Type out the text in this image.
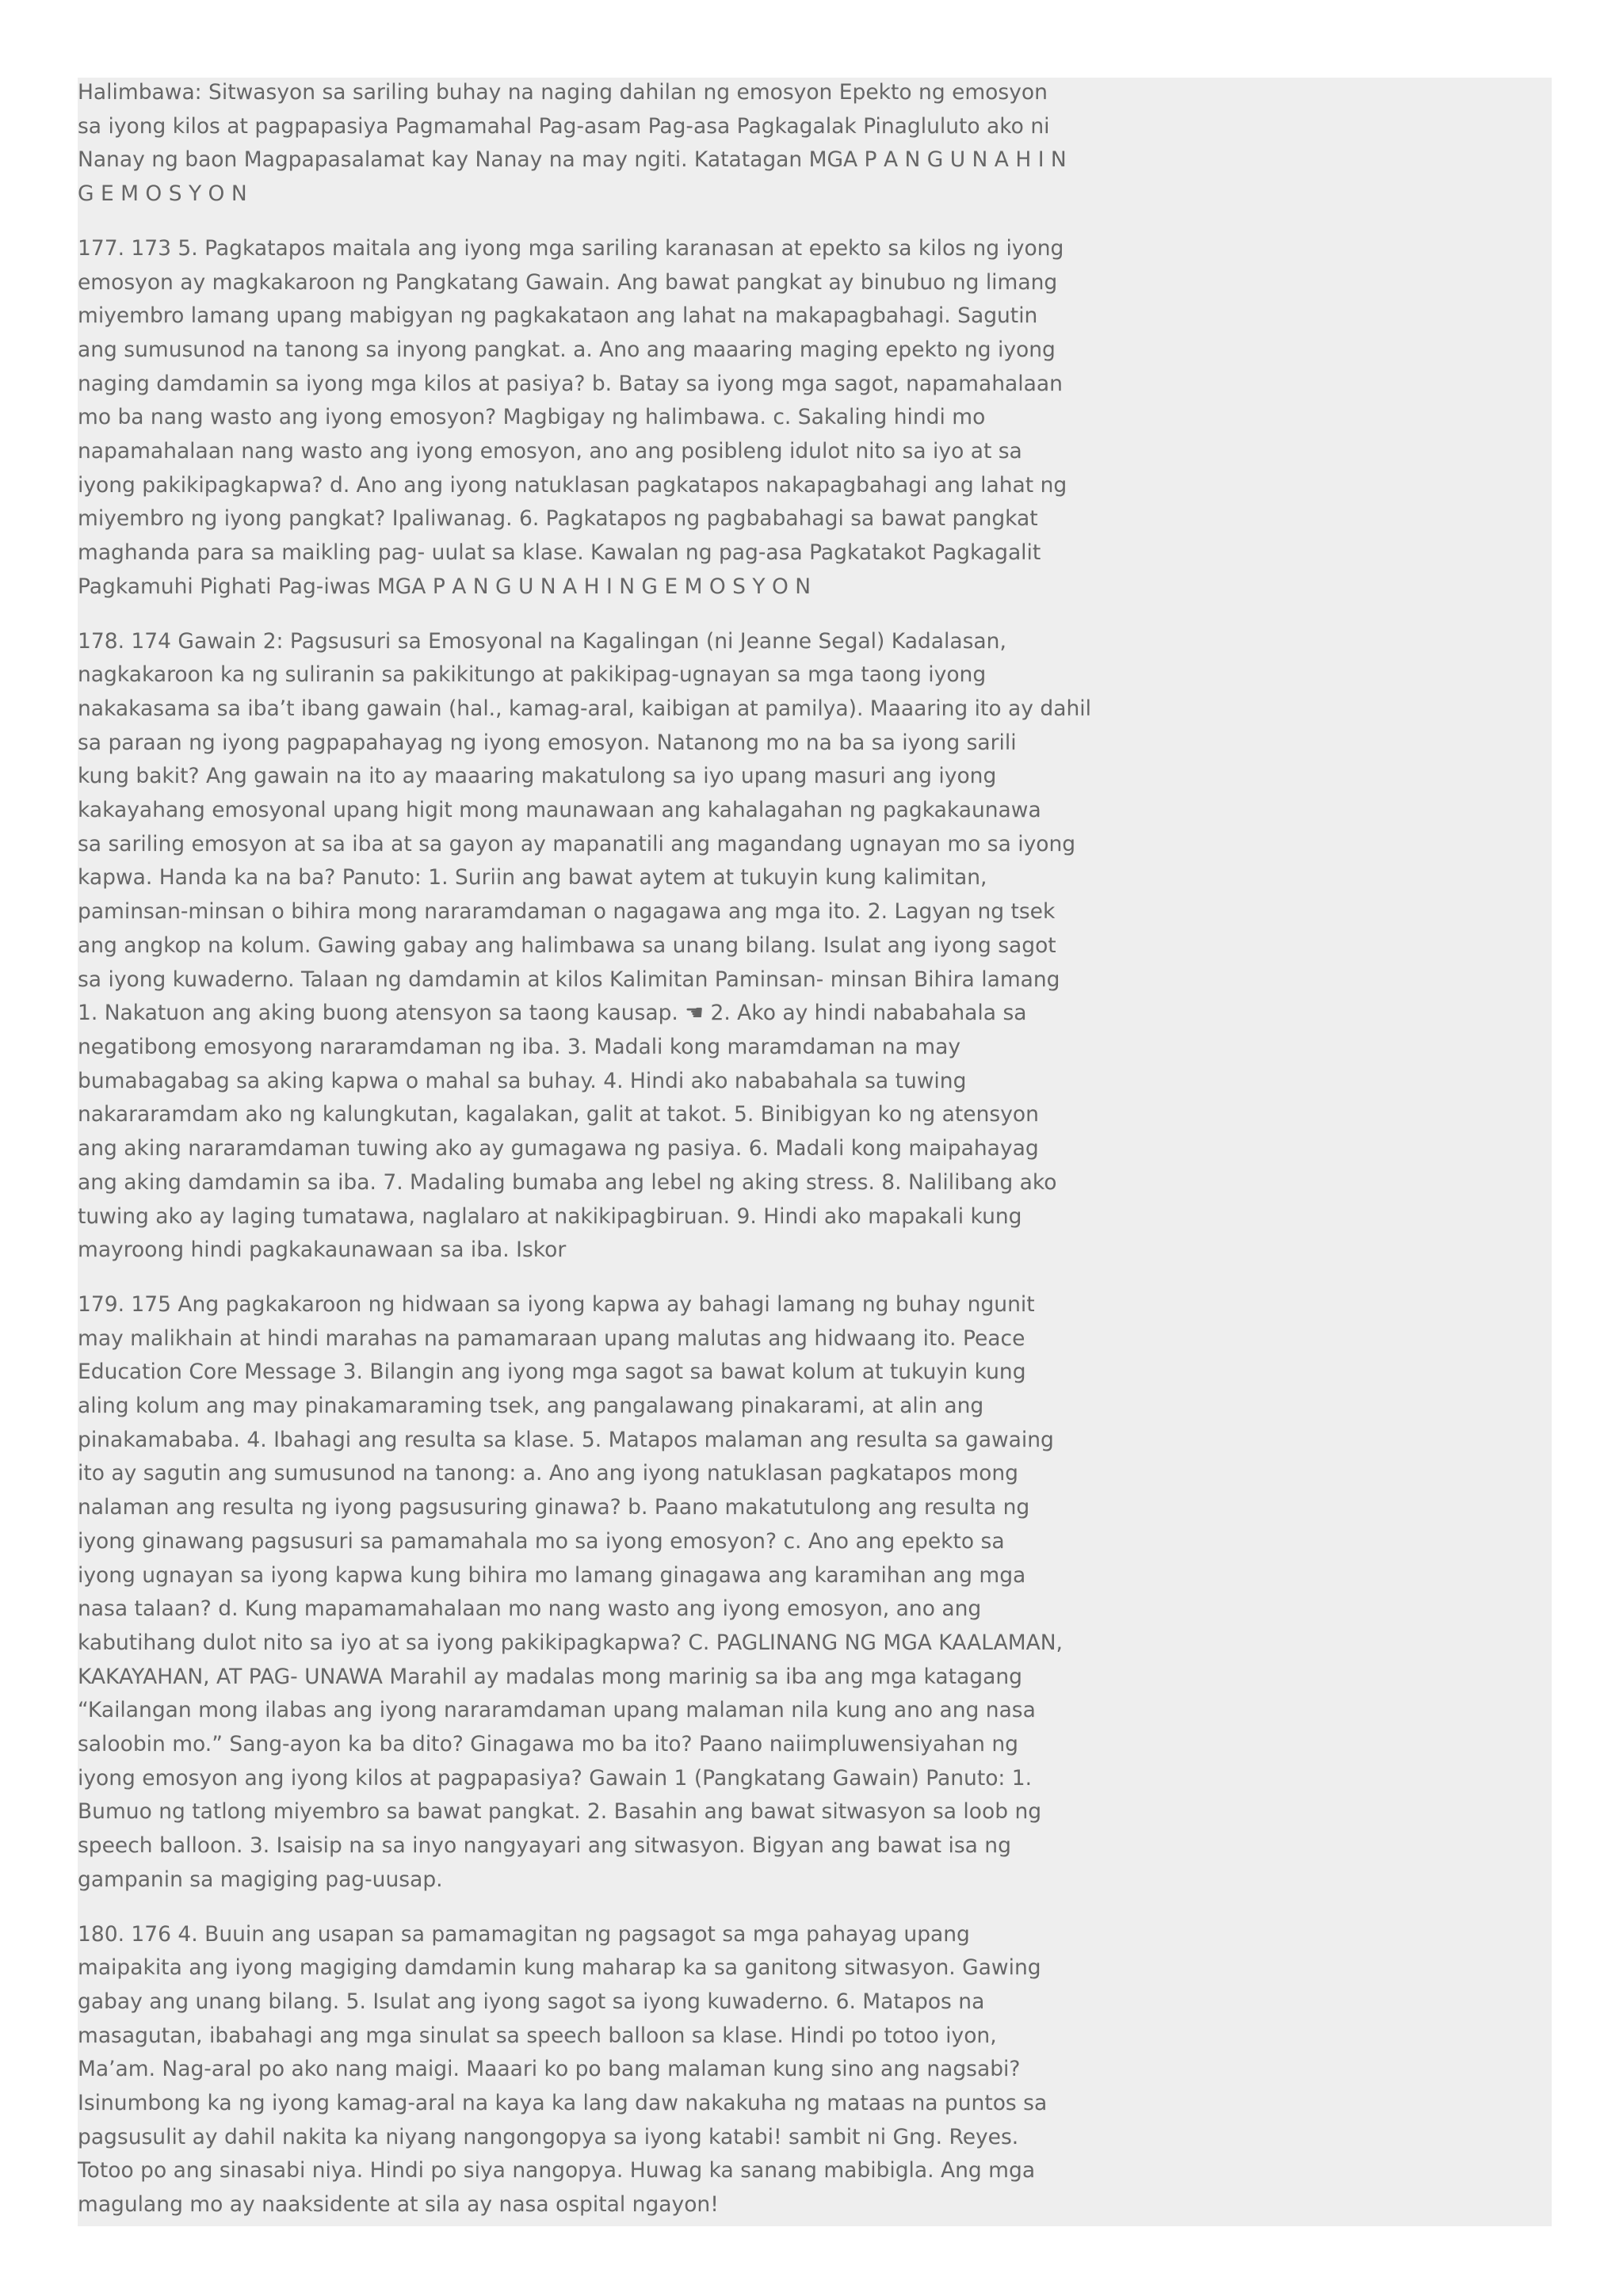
Halimbawa: Sitwasyon sa sariling buhay na naging dahilan ng emosyon Epekto ng emosyon
sa iyong kilos at pagpapasiya Pagmamahal Pag-asam Pag-asa Pagkagalak Pinagluluto ako ni
Nanay ng baon Magpapasalamat kay Nanay na may ngiti. Katatagan MGA P A N G U N A H I N
G E M O S Y O N
177. 173 5. Pagkatapos maitala ang iyong mga sariling karanasan at epekto sa kilos ng iyong
emosyon ay magkakaroon ng Pangkatang Gawain. Ang bawat pangkat ay binubuo ng limang
miyembro lamang upang mabigyan ng pagkakataon ang lahat na makapagbahagi. Sagutin
ang sumusunod na tanong sa inyong pangkat. a. Ano ang maaaring maging epekto ng iyong
naging damdamin sa iyong mga kilos at pasiya? b. Batay sa iyong mga sagot, napamahalaan
mo ba nang wasto ang iyong emosyon? Magbigay ng halimbawa. c. Sakaling hindi mo
napamahalaan nang wasto ang iyong emosyon, ano ang posibleng idulot nito sa iyo at sa
iyong pakikipagkapwa? d. Ano ang iyong natuklasan pagkatapos nakapagbahagi ang lahat ng
miyembro ng iyong pangkat? Ipaliwanag. 6. Pagkatapos ng pagbabahagi sa bawat pangkat
maghanda para sa maikling pag- uulat sa klase. Kawalan ng pag-asa Pagkatakot Pagkagalit
Pagkamuhi Pighati Pag-iwas MGA P A N G U N A H I N G E M O S Y O N
178. 174 Gawain 2: Pagsusuri sa Emosyonal na Kagalingan (ni Jeanne Segal) Kadalasan,
nagkakaroon ka ng suliranin sa pakikitungo at pakikipag-ugnayan sa mga taong iyong
nakakasama sa iba’t ibang gawain (hal., kamag-aral, kaibigan at pamilya). Maaaring ito ay dahil
sa paraan ng iyong pagpapahayag ng iyong emosyon. Natanong mo na ba sa iyong sarili
kung bakit? Ang gawain na ito ay maaaring makatulong sa iyo upang masuri ang iyong
kakayahang emosyonal upang higit mong maunawaan ang kahalagahan ng pagkakaunawa
sa sariling emosyon at sa iba at sa gayon ay mapanatili ang magandang ugnayan mo sa iyong
kapwa. Handa ka na ba? Panuto: 1. Suriin ang bawat aytem at tukuyin kung kalimitan,
paminsan-minsan o bihira mong nararamdaman o nagagawa ang mga ito. 2. Lagyan ng tsek
ang angkop na kolum. Gawing gabay ang halimbawa sa unang bilang. Isulat ang iyong sagot
sa iyong kuwaderno. Talaan ng damdamin at kilos Kalimitan Paminsan- minsan Bihira lamang
1. Nakatuon ang aking buong atensyon sa taong kausap. ☚ 2. Ako ay hindi nababahala sa
negatibong emosyong nararamdaman ng iba. 3. Madali kong maramdaman na may
bumabagabag sa aking kapwa o mahal sa buhay. 4. Hindi ako nababahala sa tuwing
nakararamdam ako ng kalungkutan, kagalakan, galit at takot. 5. Binibigyan ko ng atensyon
ang aking nararamdaman tuwing ako ay gumagawa ng pasiya. 6. Madali kong maipahayag
ang aking damdamin sa iba. 7. Madaling bumaba ang lebel ng aking stress. 8. Nalilibang ako
tuwing ako ay laging tumatawa, naglalaro at nakikipagbiruan. 9. Hindi ako mapakali kung
mayroong hindi pagkakaunawaan sa iba. Iskor
179. 175 Ang pagkakaroon ng hidwaan sa iyong kapwa ay bahagi lamang ng buhay ngunit
may malikhain at hindi marahas na pamamaraan upang malutas ang hidwaang ito. Peace
Education Core Message 3. Bilangin ang iyong mga sagot sa bawat kolum at tukuyin kung
aling kolum ang may pinakamaraming tsek, ang pangalawang pinakarami, at alin ang
pinakamababa. 4. Ibahagi ang resulta sa klase. 5. Matapos malaman ang resulta sa gawaing
ito ay sagutin ang sumusunod na tanong: a. Ano ang iyong natuklasan pagkatapos mong
nalaman ang resulta ng iyong pagsusuring ginawa? b. Paano makatutulong ang resulta ng
iyong ginawang pagsusuri sa pamamahala mo sa iyong emosyon? c. Ano ang epekto sa
iyong ugnayan sa iyong kapwa kung bihira mo lamang ginagawa ang karamihan ang mga
nasa talaan? d. Kung mapamamahalaan mo nang wasto ang iyong emosyon, ano ang
kabutihang dulot nito sa iyo at sa iyong pakikipagkapwa? C. PAGLINANG NG MGA KAALAMAN,
KAKAYAHAN, AT PAG- UNAWA Marahil ay madalas mong marinig sa iba ang mga katagang
“Kailangan mong ilabas ang iyong nararamdaman upang malaman nila kung ano ang nasa
saloobin mo.” Sang-ayon ka ba dito? Ginagawa mo ba ito? Paano naiimpluwensiyahan ng
iyong emosyon ang iyong kilos at pagpapasiya? Gawain 1 (Pangkatang Gawain) Panuto: 1.
Bumuo ng tatlong miyembro sa bawat pangkat. 2. Basahin ang bawat sitwasyon sa loob ng
speech balloon. 3. Isaisip na sa inyo nangyayari ang sitwasyon. Bigyan ang bawat isa ng
gampanin sa magiging pag-uusap.
180. 176 4. Buuin ang usapan sa pamamagitan ng pagsagot sa mga pahayag upang
maipakita ang iyong magiging damdamin kung maharap ka sa ganitong sitwasyon. Gawing
gabay ang unang bilang. 5. Isulat ang iyong sagot sa iyong kuwaderno. 6. Matapos na
masagutan, ibabahagi ang mga sinulat sa speech balloon sa klase. Hindi po totoo iyon,
Ma’am. Nag-aral po ako nang maigi. Maaari ko po bang malaman kung sino ang nagsabi?
Isinumbong ka ng iyong kamag-aral na kaya ka lang daw nakakuha ng mataas na puntos sa
pagsusulit ay dahil nakita ka niyang nangongopya sa iyong katabi! sambit ni Gng. Reyes.
Totoo po ang sinasabi niya. Hindi po siya nangopya. Huwag ka sanang mabibigla. Ang mga
magulang mo ay naaksidente at sila ay nasa ospital ngayon!
